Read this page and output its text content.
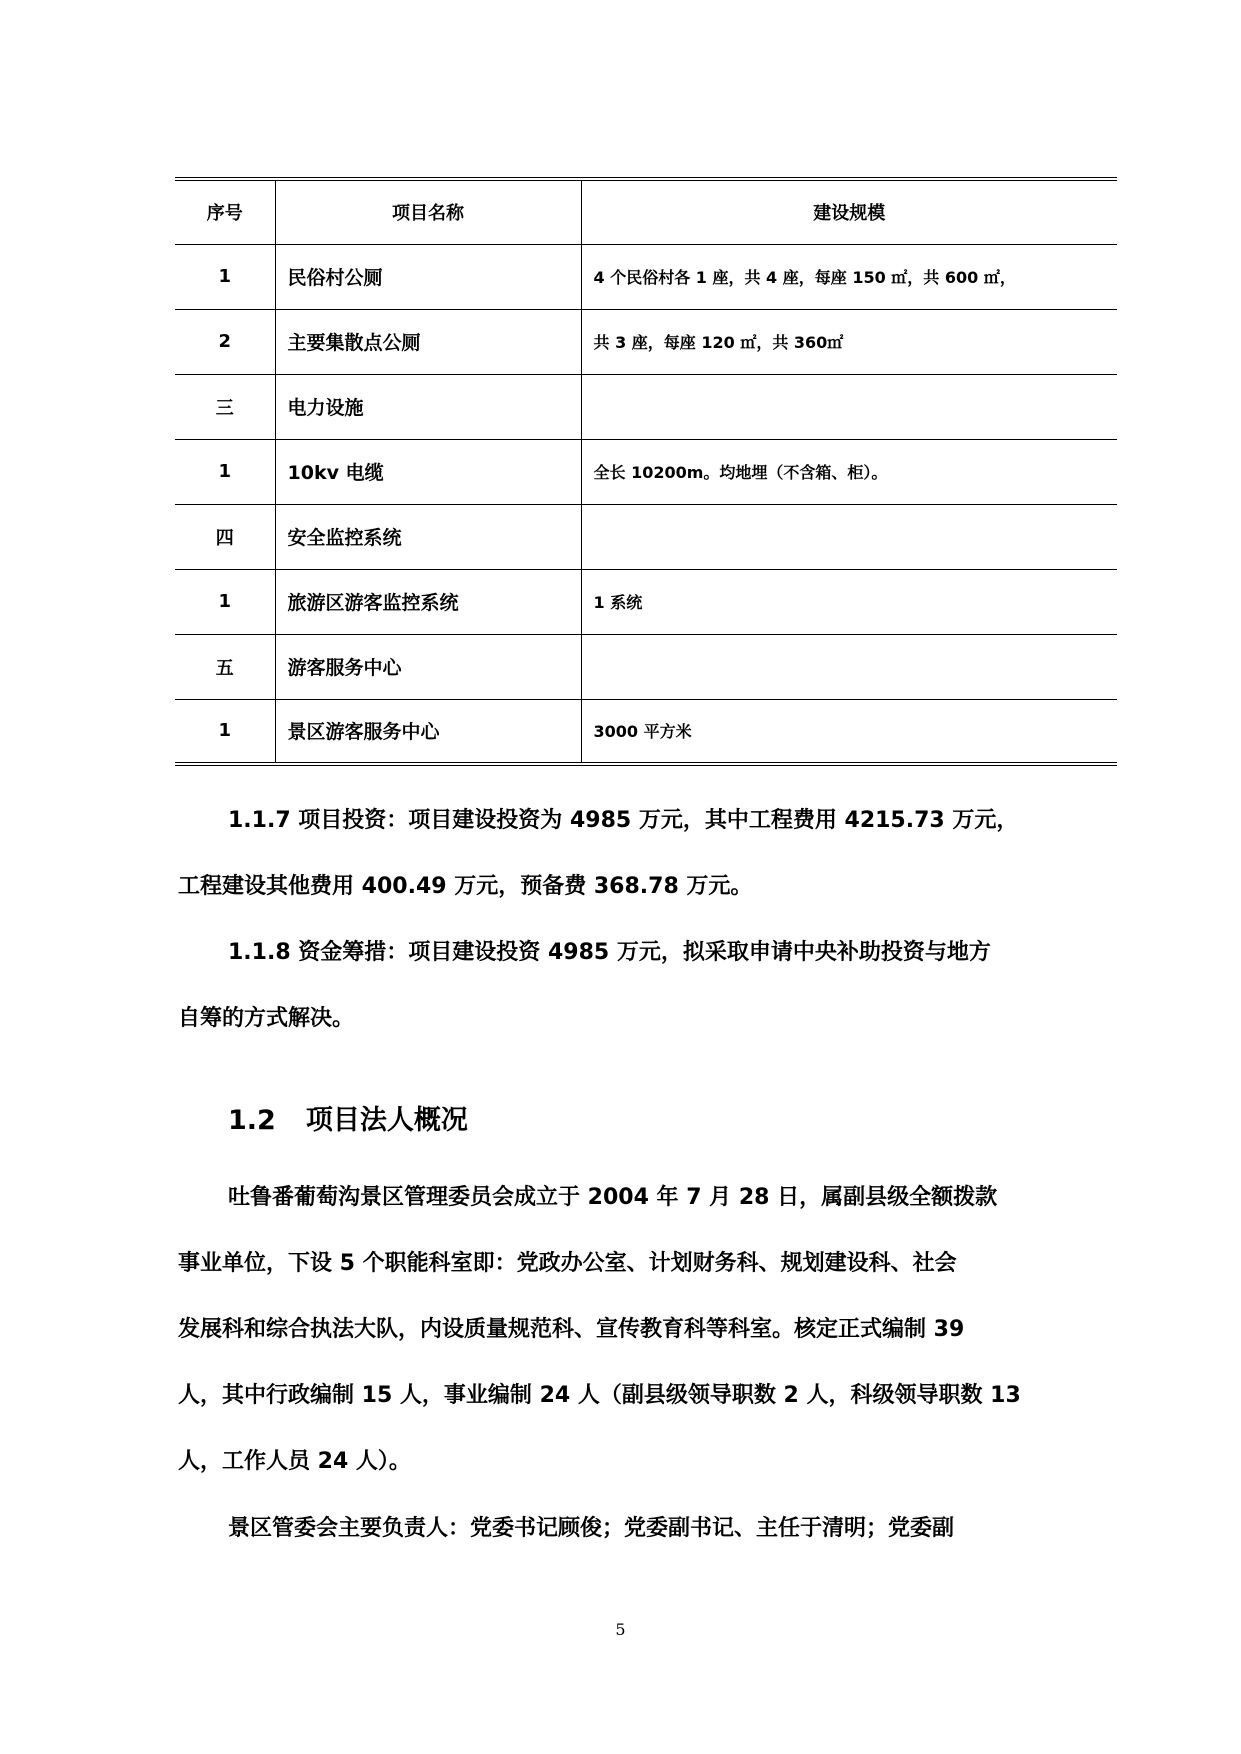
序号	项目名称	建设规模
1	民俗村公厕	4 个民俗村各 1 座，共 4 座，每座 150 ㎡，共 600 ㎡，
2	主要集散点公厕	共 3 座，每座 120 ㎡，共 360㎡
三	电力设施	
1	10kv 电缆	全长 10200m。均地埋（不含箱、柜）。
四	安全监控系统	
1	旅游区游客监控系统	1 系统
五	游客服务中心	
1	景区游客服务中心	3000 平方米
1.1.7 项目投资：项目建设投资为 4985 万元，其中工程费用 4215.73 万元，
工程建设其他费用 400.49 万元，预备费 368.78 万元。
1.1.8 资金筹措：项目建设投资 4985 万元，拟采取申请中央补助投资与地方
自筹的方式解决。
1.2 项目法人概况
吐鲁番葡萄沟景区管理委员会成立于 2004 年 7 月 28 日，属副县级全额拨款
事业单位，下设 5 个职能科室即：党政办公室、计划财务科、规划建设科、社会
发展科和综合执法大队，内设质量规范科、宣传教育科等科室。核定正式编制 39
人，其中行政编制 15 人，事业编制 24 人（副县级领导职数 2 人，科级领导职数 13
人，工作人员 24 人）。
景区管委会主要负责人：党委书记顾俊；党委副书记、主任于清明；党委副
5
